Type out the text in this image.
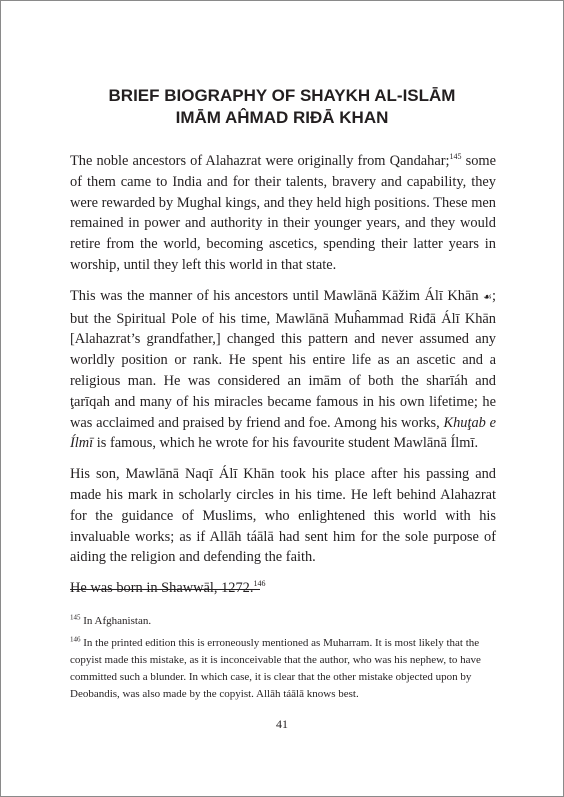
BRIEF BIOGRAPHY OF SHAYKH AL-ISLĀM
IMĀM AĤMAD RIĐĀ KHAN

The noble ancestors of Alahazrat were originally from Qandahar;$^{145}$ some of them came to India and for their talents, bravery and capability, they were rewarded by Mughal kings, and they held high positions. These men remained in power and authority in their younger years, and they would retire from the world, becoming ascetics, spending their latter years in worship, until they left this world in that state.

This was the manner of his ancestors until Mawlānā Kāžim Álī Khān ☙; but the Spiritual Pole of his time, Mawlānā Muĥammad Riđā Álī Khān [Alahazrat’s grandfather,] changed this pattern and never assumed any worldly position or rank. He spent his entire life as an ascetic and a religious man. He was considered an imām of both the sharīáh and ţarīqah and many of his miracles became famous in his own lifetime; he was acclaimed and praised by friend and foe. Among his works, Khuţab e Ílmī is famous, which he wrote for his favourite student Mawlānā Ílmī.

His son, Mawlānā Naqī Álī Khān took his place after his passing and made his mark in scholarly circles in his time. He left behind Alahazrat for the guidance of Muslims, who enlightened this world with his invaluable works; as if Allāh táālā had sent him for the sole purpose of aiding the religion and defending the faith.

He was born in Shawwāl, 1272.$^{146}$

$^{145}$ In Afghanistan.

$^{146}$ In the printed edition this is erroneously mentioned as Muharram. It is most likely that the copyist made this mistake, as it is inconceivable that the author, who was his nephew, to have committed such a blunder. In which case, it is clear that the other mistake objected upon by Deobandis, was also made by the copyist. Allāh táālā knows best.

41
